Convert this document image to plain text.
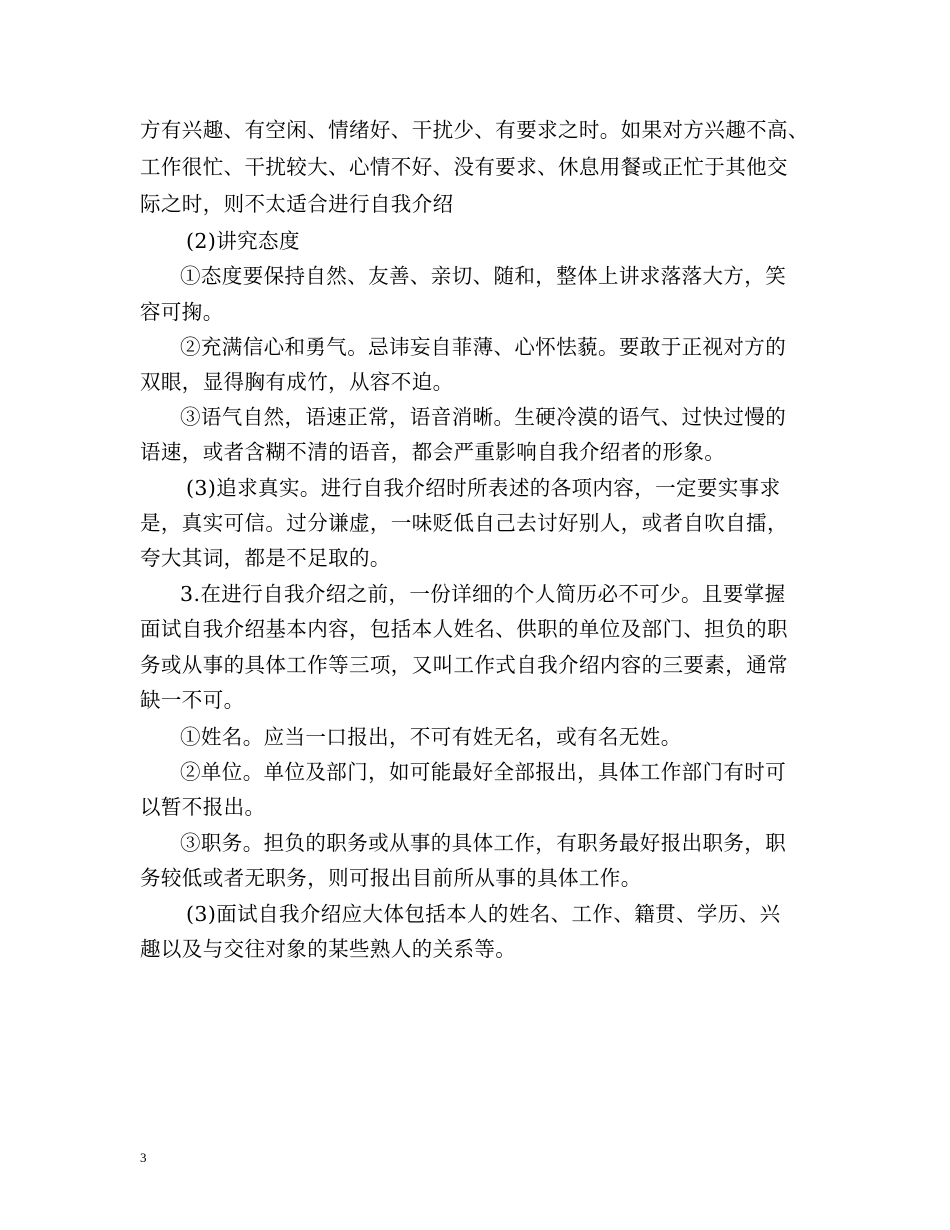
方有兴趣、有空闲、情绪好、干扰少、有要求之时。如果对方兴趣不高、
工作很忙、干扰较大、心情不好、没有要求、休息用餐或正忙于其他交
际之时，则不太适合进行自我介绍
(2)讲究态度
①态度要保持自然、友善、亲切、随和，整体上讲求落落大方，笑
容可掬。
②充满信心和勇气。忌讳妄自菲薄、心怀怯藐。要敢于正视对方的
双眼，显得胸有成竹，从容不迫。
③语气自然，语速正常，语音消晰。生硬冷漠的语气、过快过慢的
语速，或者含糊不清的语音，都会严重影响自我介绍者的形象。
(3)追求真实。进行自我介绍时所表述的各项内容，一定要实事求
是，真实可信。过分谦虚，一味贬低自己去讨好别人，或者自吹自擂，
夸大其词，都是不足取的。
3.在进行自我介绍之前，一份详细的个人简历必不可少。且要掌握
面试自我介绍基本内容，包括本人姓名、供职的单位及部门、担负的职
务或从事的具体工作等三项，又叫工作式自我介绍内容的三要素，通常
缺一不可。
①姓名。应当一口报出，不可有姓无名，或有名无姓。
②单位。单位及部门，如可能最好全部报出，具体工作部门有时可
以暂不报出。
③职务。担负的职务或从事的具体工作，有职务最好报出职务，职
务较低或者无职务，则可报出目前所从事的具体工作。
(3)面试自我介绍应大体包括本人的姓名、工作、籍贯、学历、兴
趣以及与交往对象的某些熟人的关系等。
3
